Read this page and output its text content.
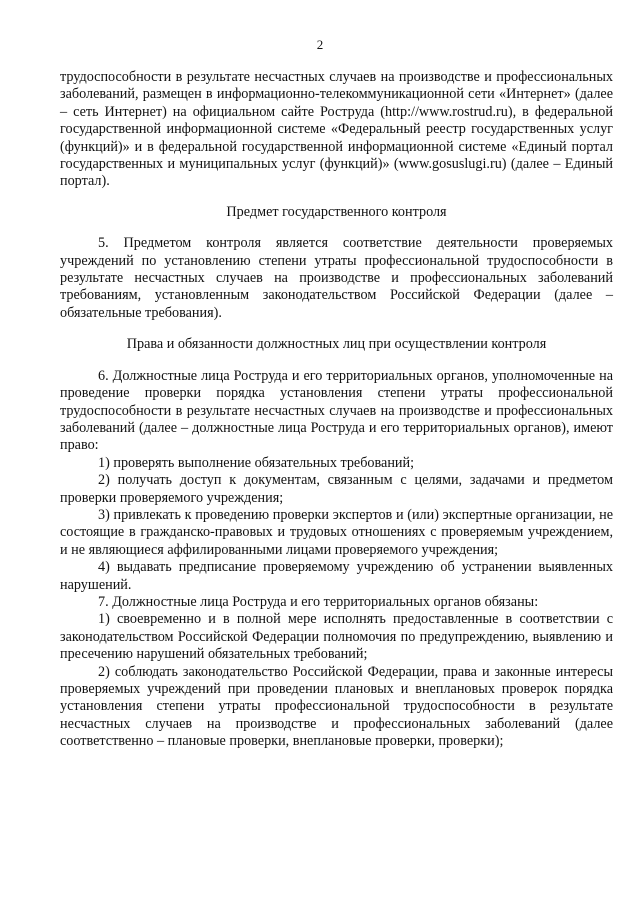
2

трудоспособности в результате несчастных случаев на производстве и профессиональных заболеваний, размещен в информационно-телекоммуникационной сети «Интернет» (далее – сеть Интернет) на официальном сайте Роструда (http://www.rostrud.ru), в федеральной государственной информационной системе «Федеральный реестр государственных услуг (функций)» и в федеральной государственной информационной системе «Единый портал государственных и муниципальных услуг (функций)» (www.gosuslugi.ru) (далее – Единый портал).

Предмет государственного контроля

5. Предметом контроля является соответствие деятельности проверяемых учреждений по установлению степени утраты профессиональной трудоспособности в результате несчастных случаев на производстве и профессиональных заболеваний требованиям, установленным законодательством Российской Федерации (далее – обязательные требования).

Права и обязанности должностных лиц при осуществлении контроля

6. Должностные лица Роструда и его территориальных органов, уполномоченные на проведение проверки порядка установления степени утраты профессиональной трудоспособности в результате несчастных случаев на производстве и профессиональных заболеваний (далее – должностные лица Роструда и его территориальных органов), имеют право:

1) проверять выполнение обязательных требований;

2) получать доступ к документам, связанным с целями, задачами и предметом проверки проверяемого учреждения;

3) привлекать к проведению проверки экспертов и (или) экспертные организации, не состоящие в гражданско-правовых и трудовых отношениях с проверяемым учреждением, и не являющиеся аффилированными лицами проверяемого учреждения;

4) выдавать предписание проверяемому учреждению об устранении выявленных нарушений.

7. Должностные лица Роструда и его территориальных органов обязаны:

1) своевременно и в полной мере исполнять предоставленные в соответствии с законодательством Российской Федерации полномочия по предупреждению, выявлению и пресечению нарушений обязательных требований;

2) соблюдать законодательство Российской Федерации, права и законные интересы проверяемых учреждений при проведении плановых и внеплановых проверок порядка установления степени утраты профессиональной трудоспособности в результате несчастных случаев на производстве и профессиональных заболеваний (далее соответственно – плановые проверки, внеплановые проверки, проверки);
